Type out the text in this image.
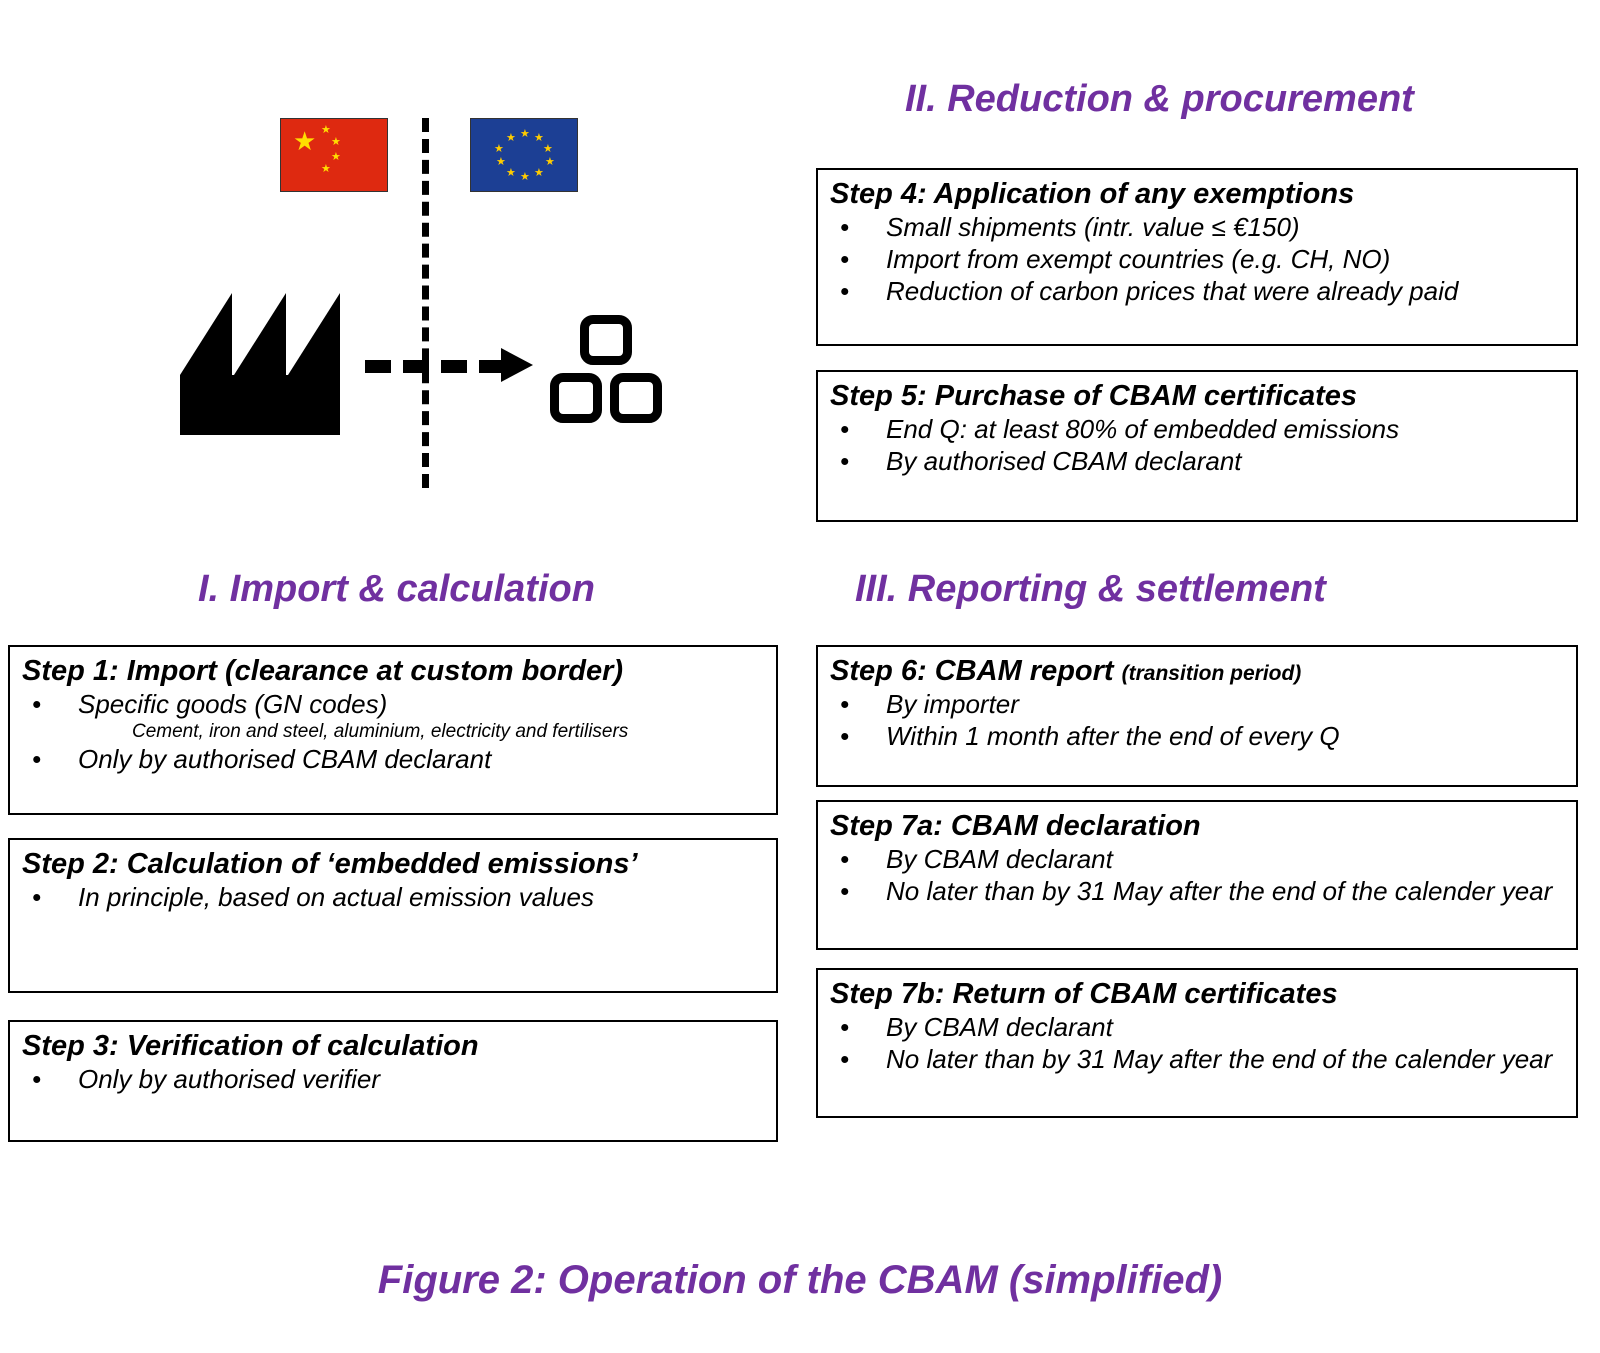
★ ★
★
★
★
★ ★
★
★
★
★
★
★
★
★
II. Reduction & procurement
I. Import & calculation	III. Reporting & settlement
Step 4: Application of any exemptions
• Small shipments (intr. value ≤ €150)
• Import from exempt countries (e.g. CH, NO)
• Reduction of carbon prices that were already paid
Step 5: Purchase of CBAM certificates
• End Q: at least 80% of embedded emissions
• By authorised CBAM declarant
Step 1: Import (clearance at custom border)
• Specific goods (GN codes)
Cement, iron and steel, aluminium, electricity and fertilisers
• Only by authorised CBAM declarant
Step 2: Calculation of ‘embedded emissions’
• In principle, based on actual emission values
Step 3: Verification of calculation
• Only by authorised verifier
Step 6: CBAM report (transition period)
• By importer
• Within 1 month after the end of every Q
Step 7a: CBAM declaration
• By CBAM declarant
• No later than by 31 May after the end of the calender year
Step 7b: Return of CBAM certificates
• By CBAM declarant
• No later than by 31 May after the end of the calender year
Figure 2: Operation of the CBAM (simplified)
